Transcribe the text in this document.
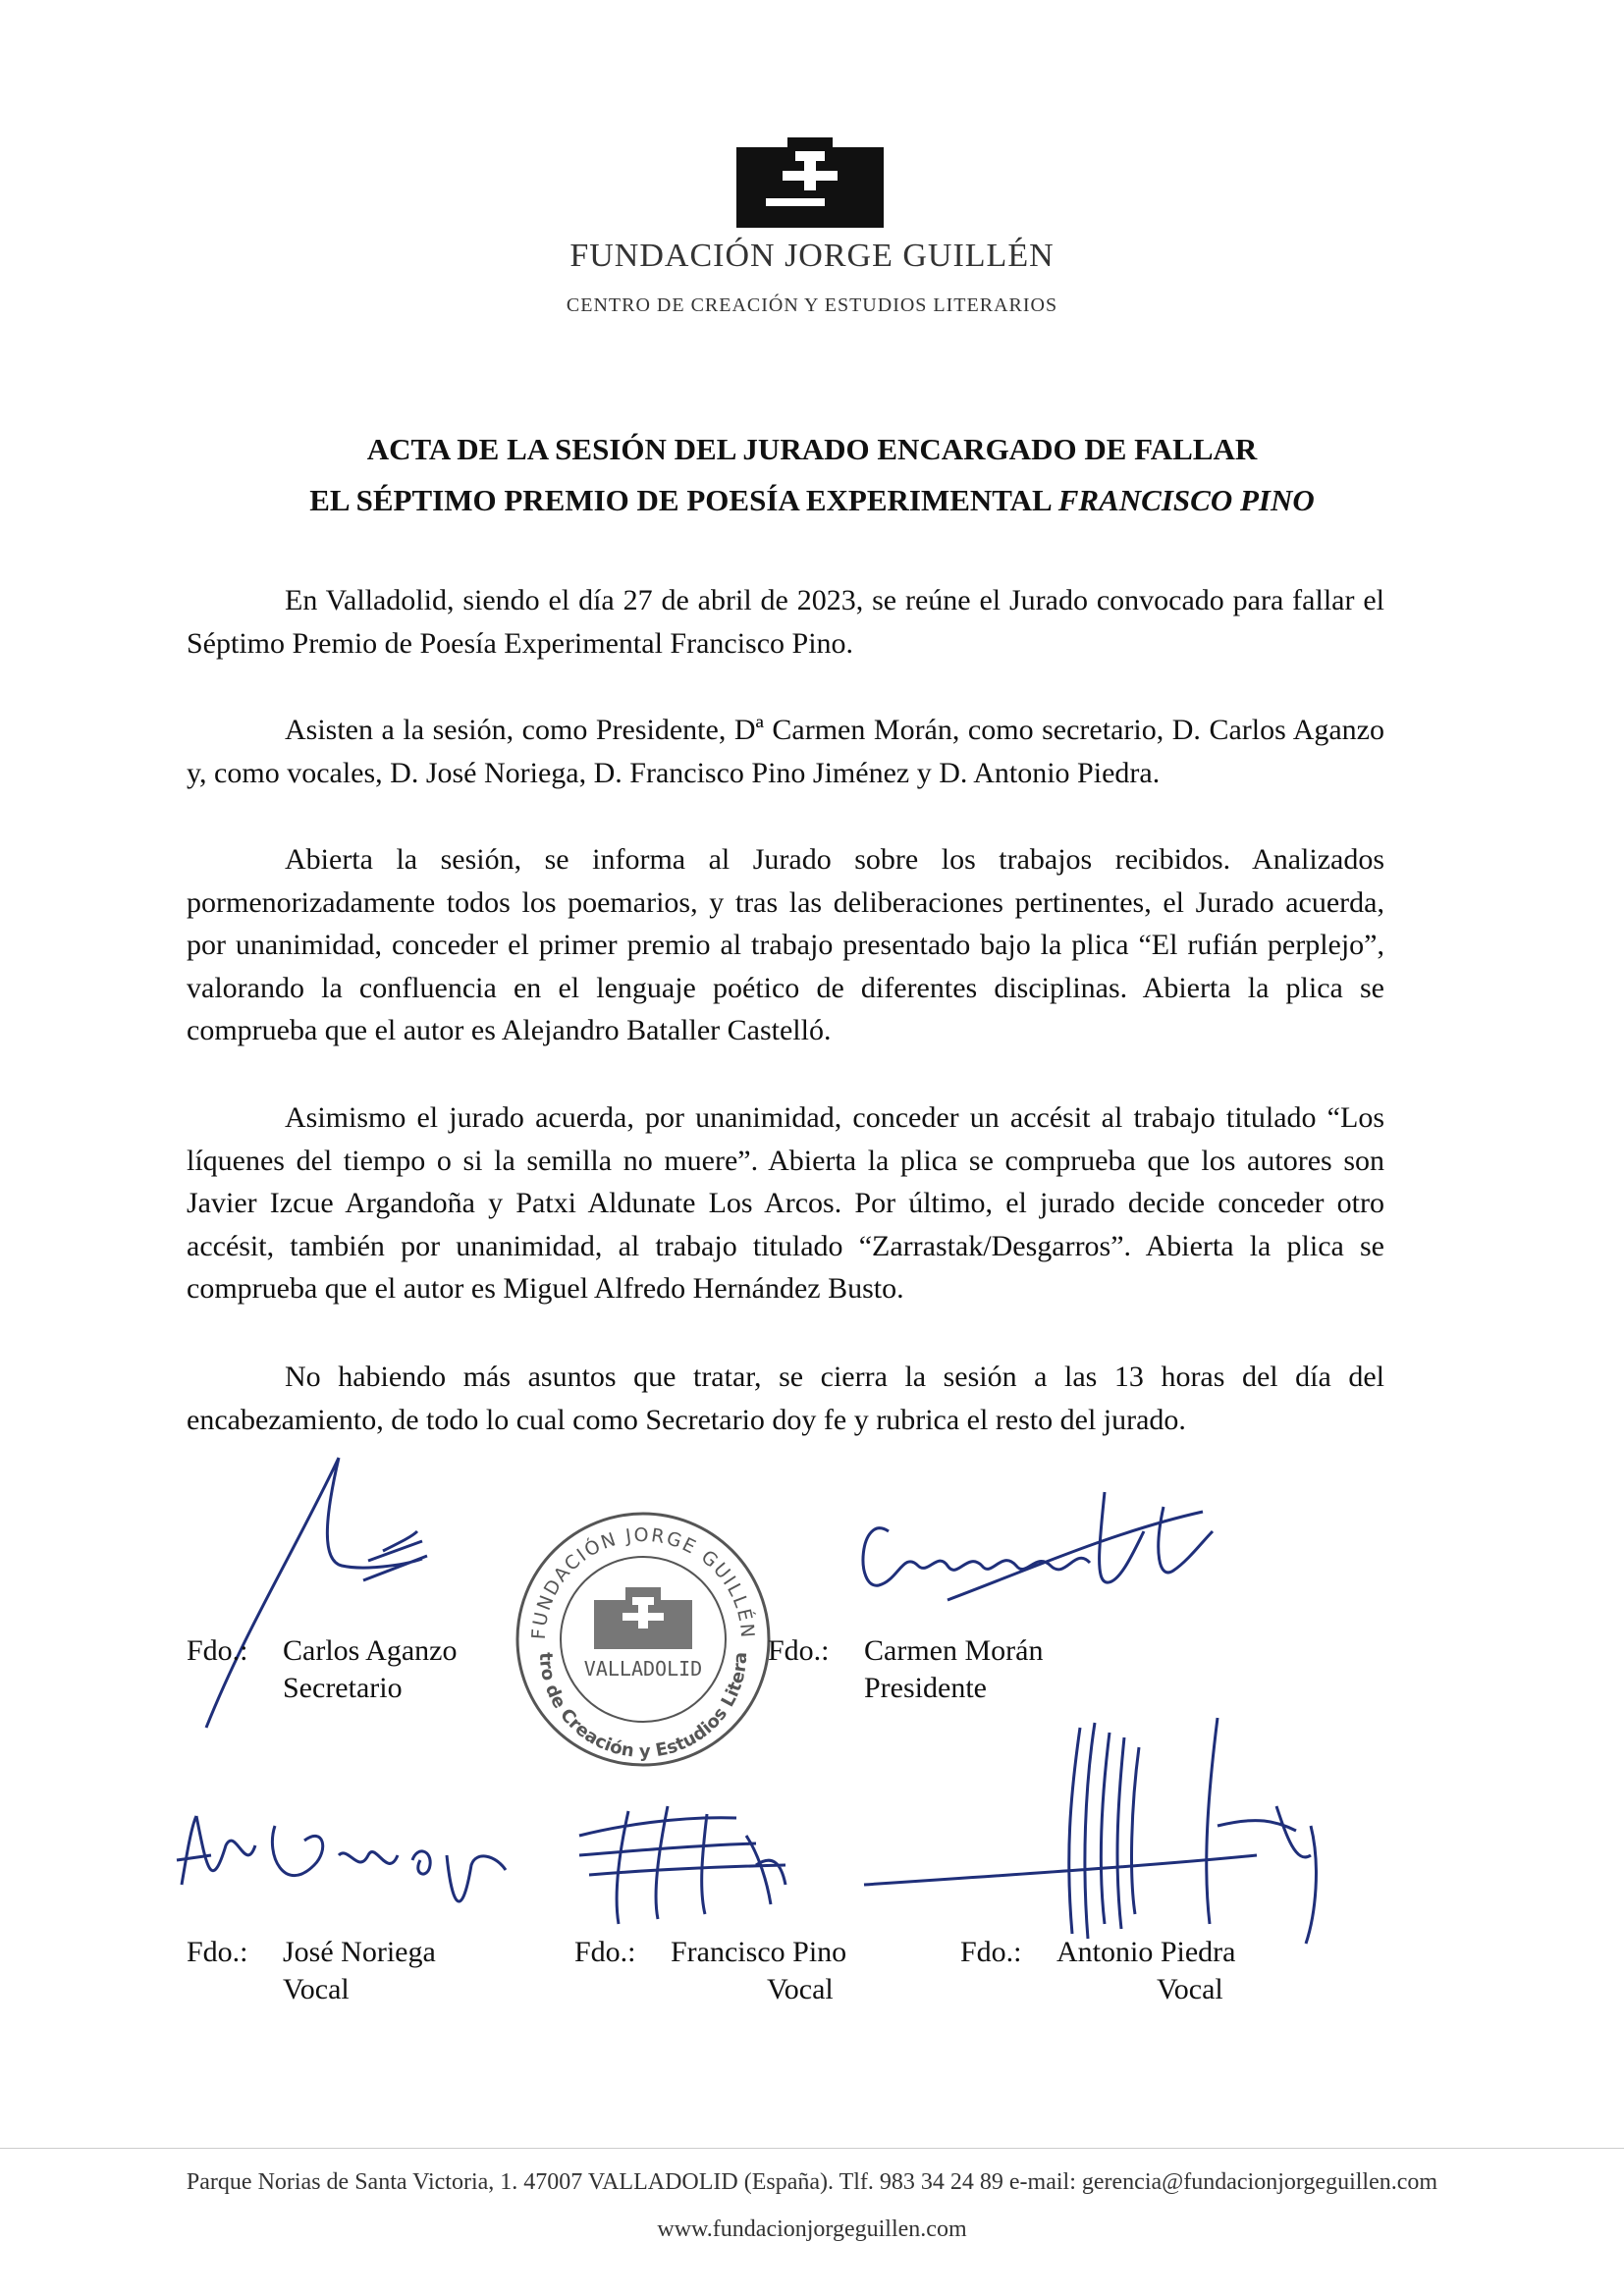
FUNDACIÓN JORGE GUILLÉN
CENTRO DE CREACIÓN Y ESTUDIOS LITERARIOS
ACTA DE LA SESIÓN DEL JURADO ENCARGADO DE FALLAR
EL SÉPTIMO PREMIO DE POESÍA EXPERIMENTAL FRANCISCO PINO

En Valladolid, siendo el día 27 de abril de 2023, se reúne el Jurado convocado para fallar el Séptimo Premio de Poesía Experimental Francisco Pino.

Asisten a la sesión, como Presidente, Dª Carmen Morán, como secretario, D. Carlos Aganzo y, como vocales, D. José Noriega, D. Francisco Pino Jiménez y D. Antonio Piedra.

Abierta la sesión, se informa al Jurado sobre los trabajos recibidos. Analizados pormenorizadamente todos los poemarios, y tras las deliberaciones pertinentes, el Jurado acuerda, por unanimidad, conceder el primer premio al trabajo presentado bajo la plica “El rufián perplejo”, valorando la confluencia en el lenguaje poético de diferentes disciplinas. Abierta la plica se comprueba que el autor es Alejandro Bataller Castelló.

Asimismo el jurado acuerda, por unanimidad, conceder un accésit al trabajo titulado “Los líquenes del tiempo o si la semilla no muere”. Abierta la plica se comprueba que los autores son Javier Izcue Argandoña y Patxi Aldunate Los Arcos. Por último, el jurado decide conceder otro accésit, también por unanimidad, al trabajo titulado “Zarrastak/Desgarros”. Abierta la plica se comprueba que el autor es Miguel Alfredo Hernández Busto.

No habiendo más asuntos que tratar, se cierra la sesión a las 13 horas del día del encabezamiento, de todo lo cual como Secretario doy fe y rubrica el resto del jurado.

FUNDACIÓN JORGE GUILLÉN
Centro de Creación y Estudios Literarios
VALLADOLID
Fdo.: Carlos Aganzo
Secretario
Fdo.: Carmen Morán
Presidente
Fdo.: José Noriega
Vocal
Fdo.: Francisco Pino
Vocal
Fdo.: Antonio Piedra
Vocal
Parque Norias de Santa Victoria, 1. 47007 VALLADOLID (España). Tlf. 983 34 24 89 e-mail: gerencia@fundacionjorgeguillen.com
www.fundacionjorgeguillen.com
